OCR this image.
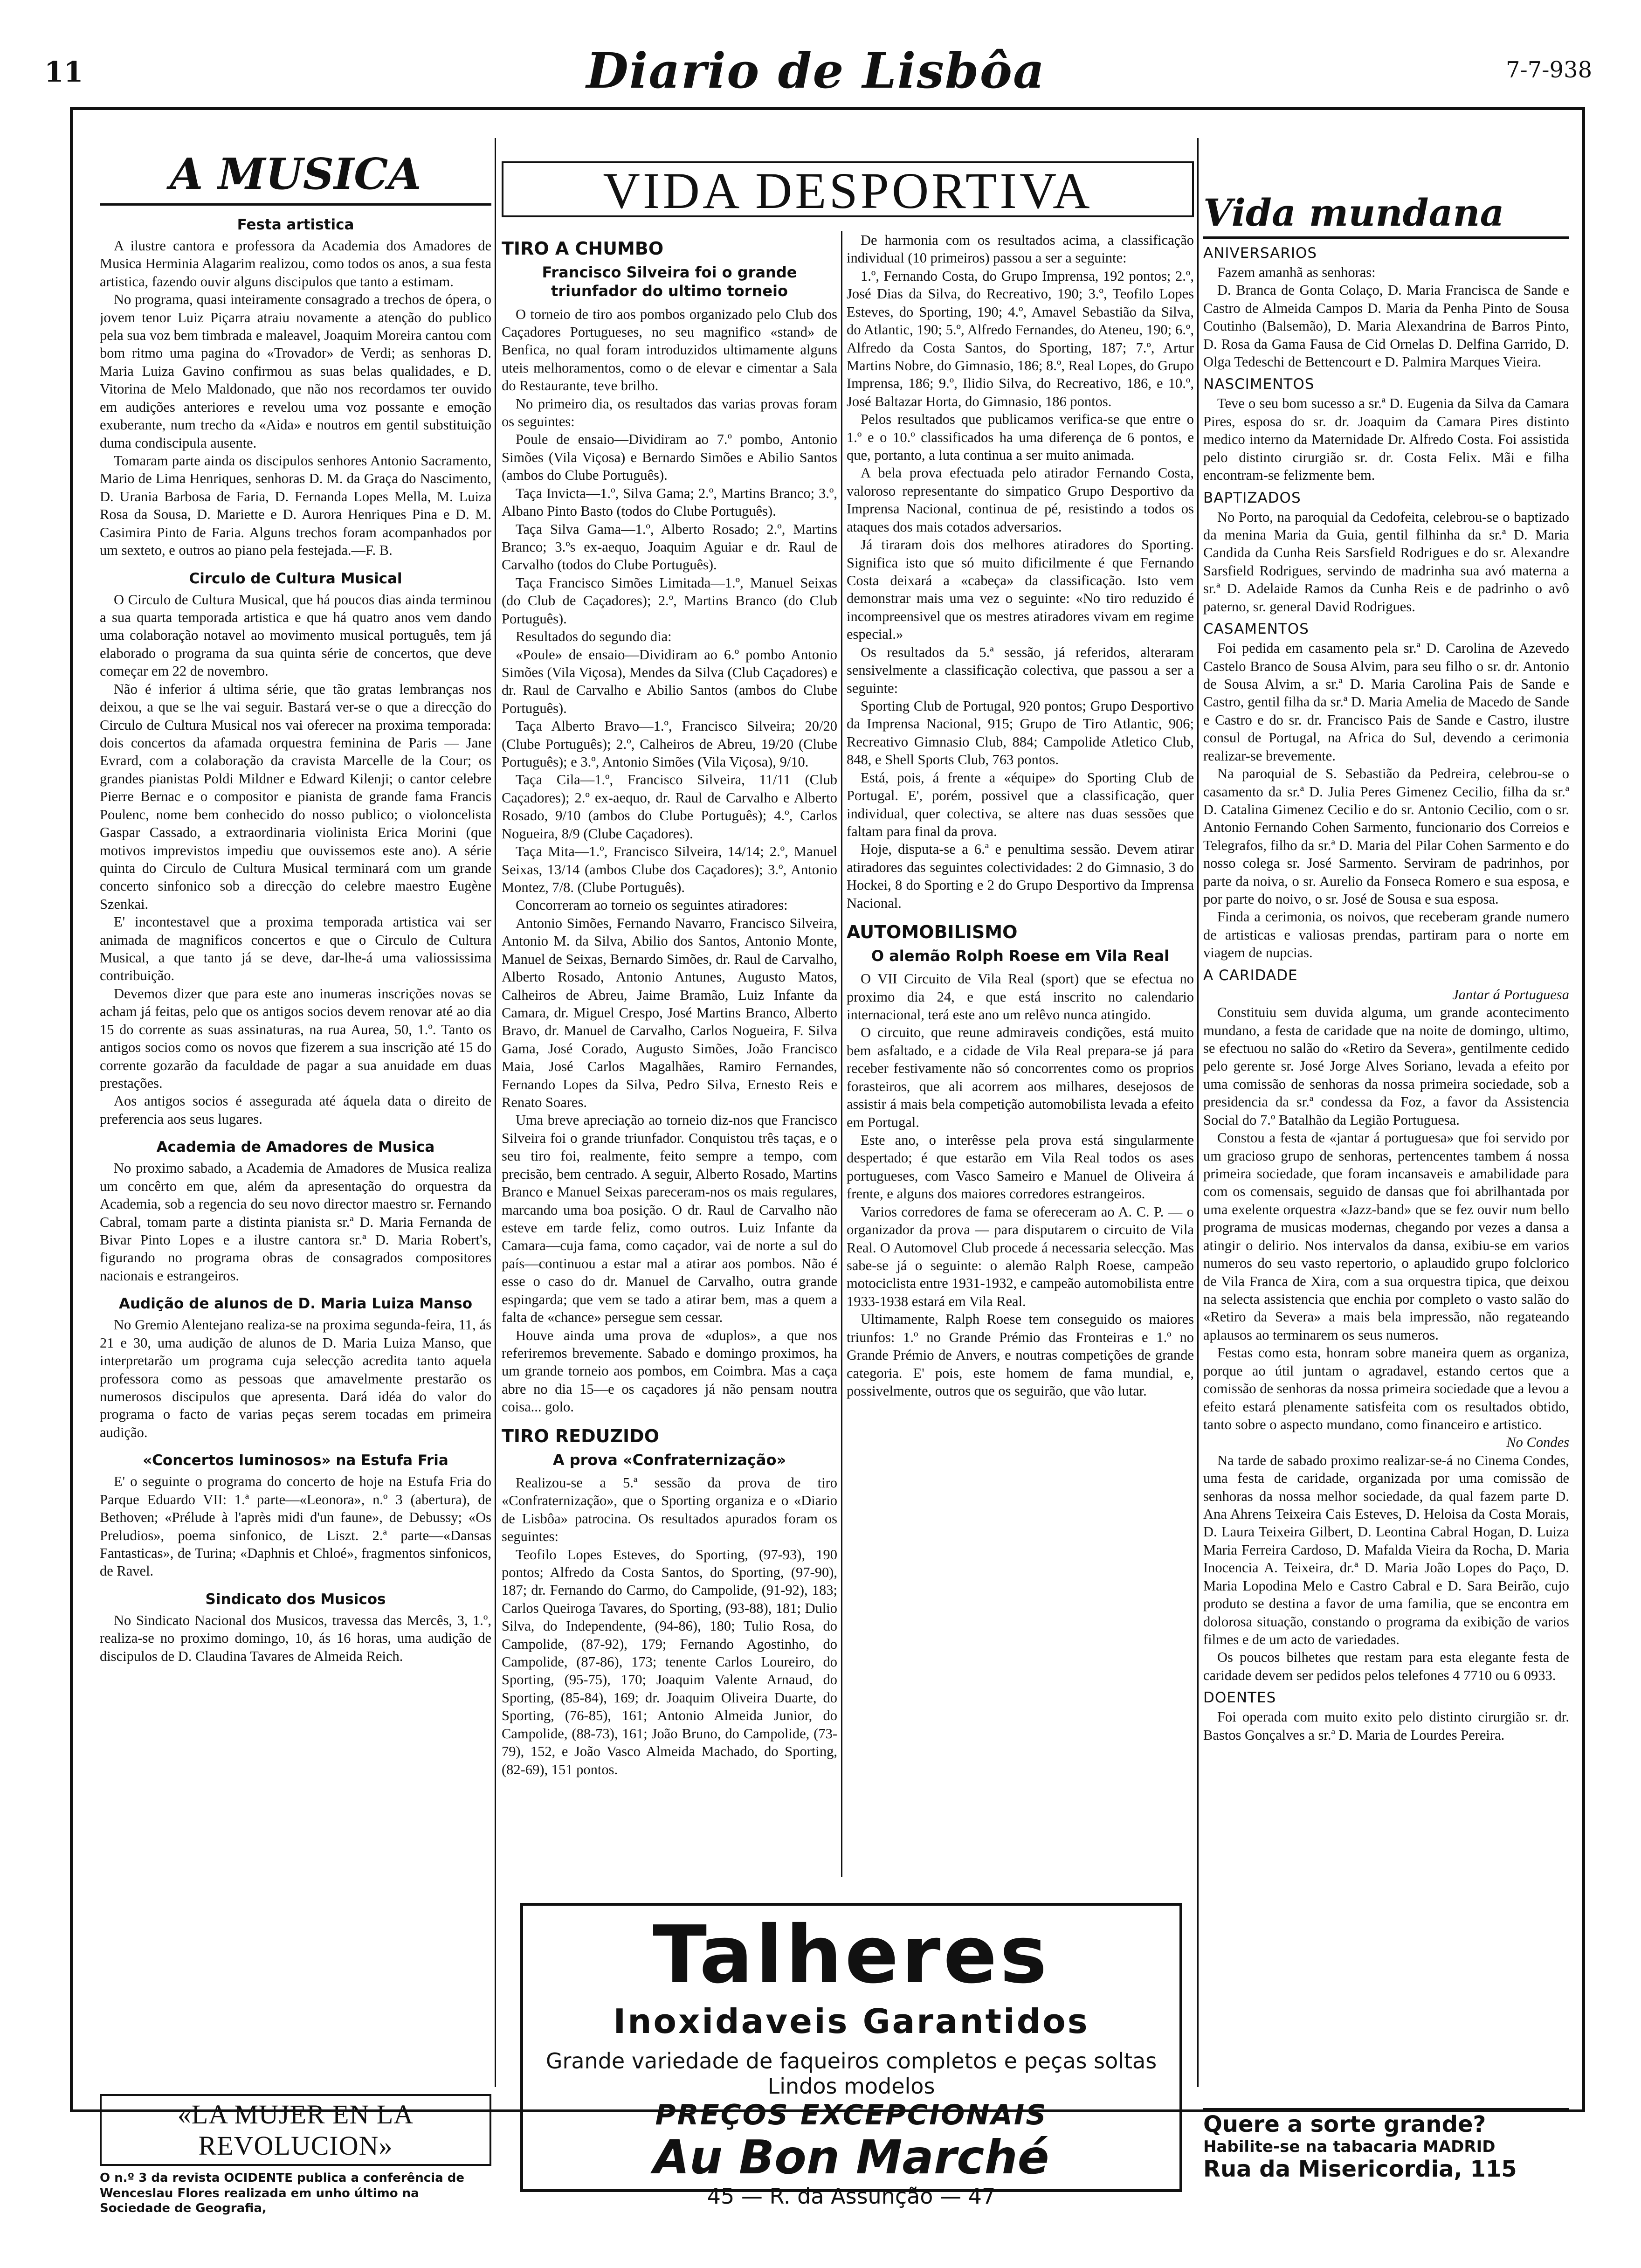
11	Diario de Lisbôa	7-7-938
A MUSICA
Festa artistica

A ilustre cantora e professora da Academia dos Amadores de Musica Herminia Alagarim realizou, como todos os anos, a sua festa artistica, fazendo ouvir alguns discipulos que tanto a estimam.

No programa, quasi inteiramente consagrado a trechos de ópera, o jovem tenor Luiz Piçarra atraiu novamente a atenção do publico pela sua voz bem timbrada e maleavel, Joaquim Moreira cantou com bom ritmo uma pagina do «Trovador» de Verdi; as senhoras D. Maria Luiza Gavino confirmou as suas belas qualidades, e D. Vitorina de Melo Maldonado, que não nos recordamos ter ouvido em audições anteriores e revelou uma voz possante e emoção exuberante, num trecho da «Aida» e noutros em gentil substituição duma condiscipula ausente.

Tomaram parte ainda os discipulos senhores Antonio Sacramento, Mario de Lima Henriques, senhoras D. M. da Graça do Nascimento, D. Urania Barbosa de Faria, D. Fernanda Lopes Mella, M. Luiza Rosa da Sousa, D. Mariette e D. Aurora Henriques Pina e D. M. Casimira Pinto de Faria. Alguns trechos foram acompanhados por um sexteto, e outros ao piano pela festejada.—F. B.

Circulo de Cultura Musical

O Circulo de Cultura Musical, que há poucos dias ainda terminou a sua quarta temporada artistica e que há quatro anos vem dando uma colaboração notavel ao movimento musical português, tem já elaborado o programa da sua quinta série de concertos, que deve começar em 22 de novembro.

Não é inferior á ultima série, que tão gratas lembranças nos deixou, a que se lhe vai seguir. Bastará ver-se o que a direcção do Circulo de Cultura Musical nos vai oferecer na proxima temporada: dois concertos da afamada orquestra feminina de Paris — Jane Evrard, com a colaboração da cravista Marcelle de la Cour; os grandes pianistas Poldi Mildner e Edward Kilenji; o cantor celebre Pierre Bernac e o compositor e pianista de grande fama Francis Poulenc, nome bem conhecido do nosso publico; o violoncelista Gaspar Cassado, a extraordinaria violinista Erica Morini (que motivos imprevistos impediu que ouvissemos este ano). A série quinta do Circulo de Cultura Musical terminará com um grande concerto sinfonico sob a direcção do celebre maestro Eugène Szenkai.

E' incontestavel que a proxima temporada artistica vai ser animada de magnificos concertos e que o Circulo de Cultura Musical, a que tanto já se deve, dar-lhe-á uma valiossissima contribuição.

Devemos dizer que para este ano inumeras inscrições novas se acham já feitas, pelo que os antigos socios devem renovar até ao dia 15 do corrente as suas assinaturas, na rua Aurea, 50, 1.º. Tanto os antigos socios como os novos que fizerem a sua inscrição até 15 do corrente gozarão da faculdade de pagar a sua anuidade em duas prestações.

Aos antigos socios é assegurada até áquela data o direito de preferencia aos seus lugares.

Academia de Amadores de Musica

No proximo sabado, a Academia de Amadores de Musica realiza um concêrto em que, além da apresentação do orquestra da Academia, sob a regencia do seu novo director maestro sr. Fernando Cabral, tomam parte a distinta pianista sr.ª D. Maria Fernanda de Bivar Pinto Lopes e a ilustre cantora sr.ª D. Maria Robert's, figurando no programa obras de consagrados compositores nacionais e estrangeiros.

Audição de alunos de D. Maria Luiza Manso

No Gremio Alentejano realiza-se na proxima segunda-feira, 11, ás 21 e 30, uma audição de alunos de D. Maria Luiza Manso, que interpretarão um programa cuja selecção acredita tanto aquela professora como as pessoas que amavelmente prestarão os numerosos discipulos que apresenta. Dará idéa do valor do programa o facto de varias peças serem tocadas em primeira audição.

«Concertos luminosos» na Estufa Fria

E' o seguinte o programa do concerto de hoje na Estufa Fria do Parque Eduardo VII: 1.ª parte—«Leonora», n.º 3 (abertura), de Bethoven; «Prélude à l'après midi d'un faune», de Debussy; «Os Preludios», poema sinfonico, de Liszt. 2.ª parte—«Dansas Fantasticas», de Turina; «Daphnis et Chloé», fragmentos sinfonicos, de Ravel.

Sindicato dos Musicos

No Sindicato Nacional dos Musicos, travessa das Mercês, 3, 1.º, realiza-se no proximo domingo, 10, ás 16 horas, uma audição de discipulos de D. Claudina Tavares de Almeida Reich.

«LA MUJER EN LA REVOLUCION»
O n.º 3 da revista OCIDENTE publica a conferência de Wenceslau Flores realizada em unho último na Sociedade de Geografia,
VIDA DESPORTIVA
TIRO A CHUMBO
Francisco Silveira foi o grande triunfador do ultimo torneio

O torneio de tiro aos pombos organizado pelo Club dos Caçadores Portugueses, no seu magnifico «stand» de Benfica, no qual foram introduzidos ultimamente alguns uteis melhoramentos, como o de elevar e cimentar a Sala do Restaurante, teve brilho.

No primeiro dia, os resultados das varias provas foram os seguintes:

Poule de ensaio—Dividiram ao 7.º pombo, Antonio Simões (Vila Viçosa) e Bernardo Simões e Abilio Santos (ambos do Clube Português).

Taça Invicta—1.º, Silva Gama; 2.º, Martins Branco; 3.º, Albano Pinto Basto (todos do Clube Português).

Taça Silva Gama—1.º, Alberto Rosado; 2.º, Martins Branco; 3.ºs ex-aequo, Joaquim Aguiar e dr. Raul de Carvalho (todos do Clube Português).

Taça Francisco Simões Limitada—1.º, Manuel Seixas (do Club de Caçadores); 2.º, Martins Branco (do Club Português).

Resultados do segundo dia:

«Poule» de ensaio—Dividiram ao 6.º pombo Antonio Simões (Vila Viçosa), Mendes da Silva (Club Caçadores) e dr. Raul de Carvalho e Abilio Santos (ambos do Clube Português).

Taça Alberto Bravo—1.º, Francisco Silveira; 20/20 (Clube Português); 2.º, Calheiros de Abreu, 19/20 (Clube Português); e 3.º, Antonio Simões (Vila Viçosa), 9/10.

Taça Cila—1.º, Francisco Silveira, 11/11 (Club Caçadores); 2.º ex-aequo, dr. Raul de Carvalho e Alberto Rosado, 9/10 (ambos do Clube Português); 4.º, Carlos Nogueira, 8/9 (Clube Caçadores).

Taça Mita—1.º, Francisco Silveira, 14/14; 2.º, Manuel Seixas, 13/14 (ambos Clube dos Caçadores); 3.º, Antonio Montez, 7/8. (Clube Português).

Concorreram ao torneio os seguintes atiradores:

Antonio Simões, Fernando Navarro, Francisco Silveira, Antonio M. da Silva, Abilio dos Santos, Antonio Monte, Manuel de Seixas, Bernardo Simões, dr. Raul de Carvalho, Alberto Rosado, Antonio Antunes, Augusto Matos, Calheiros de Abreu, Jaime Bramão, Luiz Infante da Camara, dr. Miguel Crespo, José Martins Branco, Alberto Bravo, dr. Manuel de Carvalho, Carlos Nogueira, F. Silva Gama, José Corado, Augusto Simões, João Francisco Maia, José Carlos Magalhães, Ramiro Fernandes, Fernando Lopes da Silva, Pedro Silva, Ernesto Reis e Renato Soares.

Uma breve apreciação ao torneio diz-nos que Francisco Silveira foi o grande triunfador. Conquistou três taças, e o seu tiro foi, realmente, feito sempre a tempo, com precisão, bem centrado. A seguir, Alberto Rosado, Martins Branco e Manuel Seixas pareceram-nos os mais regulares, marcando uma boa posição. O dr. Raul de Carvalho não esteve em tarde feliz, como outros. Luiz Infante da Camara—cuja fama, como caçador, vai de norte a sul do país—continuou a estar mal a atirar aos pombos. Não é esse o caso do dr. Manuel de Carvalho, outra grande espingarda; que vem se tado a atirar bem, mas a quem a falta de «chance» perseguе sem cessar.

Houve ainda uma prova de «duplos», a que nos referiremos brevemente. Sabado e domingo proximos, ha um grande torneio aos pombos, em Coimbra. Mas a caça abre no dia 15—e os caçadores já não pensam noutra coisa... golo.

TIRO REDUZIDO
A prova «Confraternização»

Realizou-se a 5.ª sessão da prova de tiro «Confraternização», que o Sporting organiza e o «Diario de Lisbôa» patrocina. Os resultados apurados foram os seguintes:

Teofilo Lopes Esteves, do Sporting, (97-93), 190 pontos; Alfredo da Costa Santos, do Sporting, (97-90), 187; dr. Fernando do Carmo, do Campolide, (91-92), 183; Carlos Queiroga Tavares, do Sporting, (93-88), 181; Dulio Silva, do Independente, (94-86), 180; Tulio Rosa, do Campolide, (87-92), 179; Fernando Agostinho, do Campolide, (87-86), 173; tenente Carlos Loureiro, do Sporting, (95-75), 170; Joaquim Valente Arnaud, do Sporting, (85-84), 169; dr. Joaquim Oliveira Duarte, do Sporting, (76-85), 161; Antonio Almeida Junior, do Campolide, (88-73), 161; João Bruno, do Campolide, (73-79), 152, e João Vasco Almeida Machado, do Sporting, (82-69), 151 pontos.

De harmonia com os resultados acima, a classificação individual (10 primeiros) passou a ser a seguinte:

1.º, Fernando Costa, do Grupo Imprensa, 192 pontos; 2.º, José Dias da Silva, do Recreativo, 190; 3.º, Teofilo Lopes Esteves, do Sporting, 190; 4.º, Amavel Sebastião da Silva, do Atlantic, 190; 5.º, Alfredo Fernandes, do Ateneu, 190; 6.º, Alfredo da Costa Santos, do Sporting, 187; 7.º, Artur Martins Nobre, do Gimnasio, 186; 8.º, Real Lopes, do Grupo Imprensa, 186; 9.º, Ilidio Silva, do Recreativo, 186, e 10.º, José Baltazar Horta, do Gimnasio, 186 pontos.

Pelos resultados que publicamos verifica-se que entre o 1.º e o 10.º classificados ha uma diferença de 6 pontos, e que, portanto, a luta continua a ser muito animada.

A bela prova efectuada pelo atirador Fernando Costa, valoroso representante do simpatico Grupo Desportivo da Imprensa Nacional, continua de pé, resistindo a todos os ataques dos mais cotados adversarios.

Já tiraram dois dos melhores atiradores do Sporting. Significa isto que só muito dificilmente é que Fernando Costa deixará a «cabeça» da classificação. Isto vem demonstrar mais uma vez o seguinte: «No tiro reduzido é incompreensivel que os mestres atiradores vivam em regime especial.»

Os resultados da 5.ª sessão, já referidos, alteraram sensivelmente a classificação colectiva, que passou a ser a seguinte:

Sporting Club de Portugal, 920 pontos; Grupo Desportivo da Imprensa Nacional, 915; Grupo de Tiro Atlantic, 906; Recreativo Gimnasio Club, 884; Campolide Atletico Club, 848, e Shell Sports Club, 763 pontos.

Está, pois, á frente a «équipe» do Sporting Club de Portugal. E', porém, possivel que a classificação, quer individual, quer colectiva, se altere nas duas sessões que faltam para final da prova.

Hoje, disputa-se a 6.ª e penultima sessão. Devem atirar atiradores das seguintes colectividades: 2 do Gimnasio, 3 do Hockei, 8 do Sporting e 2 do Grupo Desportivo da Imprensa Nacional.

AUTOMOBILISMO
O alemão Rolph Roese em Vila Real

O VII Circuito de Vila Real (sport) que se efectua no proximo dia 24, e que está inscrito no calendario internacional, terá este ano um relêvo nunca atingido.

O circuito, que reune admiraveis condições, está muito bem asfaltado, e a cidade de Vila Real prepara-se já para receber festivamente não só concorrentes como os proprios forasteiros, que ali acorrem aos milhares, desejosos de assistir á mais bela competição automobilista levada a efeito em Portugal.

Este ano, o interêsse pela prova está singularmente despertado; é que estarão em Vila Real todos os ases portugueses, com Vasco Sameiro e Manuel de Oliveira á frente, e alguns dos maiores corredores estrangeiros.

Varios corredores de fama se ofereceram ao A. C. P. — o organizador da prova — para disputarem o circuito de Vila Real. O Automovel Club procede á necessaria selecção. Mas sabe-se já o seguinte: o alemão Ralph Roese, campeão motociclista entre 1931-1932, e campeão automobilista entre 1933-1938 estará em Vila Real.

Ultimamente, Ralph Roese tem conseguido os maiores triunfos: 1.º no Grande Prémio das Fronteiras e 1.º no Grande Prémio de Anvers, e noutras competições de grande categoria. E' pois, este homem de fama mundial, e, possivelmente, outros que os seguirão, que vão lutar.

Talheres
Inoxidaveis Garantidos
Grande variedade de faqueiros completos e peças soltas
Lindos modelos
PREÇOS EXCEPCIONAIS
Au Bon Marché
45 — R. da Assunção — 47
Vida mundana
ANIVERSARIOS

Fazem amanhã as senhoras:

D. Branca de Gonta Colaço, D. Maria Francisca de Sande e Castro de Almeida Campos D. Maria da Penha Pinto de Sousa Coutinho (Balsemão), D. Maria Alexandrina de Barros Pinto, D. Rosa da Gama Fausa de Cid Ornelas D. Delfina Garrido, D. Olga Tedeschi de Bettencourt e D. Palmira Marques Vieira.

NASCIMENTOS

Teve o seu bom sucesso a sr.ª D. Eugenia da Silva da Camara Pires, esposa do sr. dr. Joaquim da Camara Pires distinto medico interno da Maternidade Dr. Alfredo Costa. Foi assistida pelo distinto cirurgião sr. dr. Costa Felix. Mãi e filha encontram-se felizmente bem.

BAPTIZADOS

No Porto, na paroquial da Cedofeita, celebrou-se o baptizado da menina Maria da Guia, gentil filhinha da sr.ª D. Maria Candida da Cunha Reis Sarsfield Rodrigues e do sr. Alexandre Sarsfield Rodrigues, servindo de madrinha sua avó materna a sr.ª D. Adelaide Ramos da Cunha Reis e de padrinho o avô paterno, sr. general David Rodrigues.

CASAMENTOS

Foi pedida em casamento pela sr.ª D. Carolina de Azevedo Castelo Branco de Sousa Alvim, para seu filho o sr. dr. Antonio de Sousa Alvim, a sr.ª D. Maria Carolina Pais de Sande e Castro, gentil filha da sr.ª D. Maria Amelia de Macedo de Sande e Castro e do sr. dr. Francisco Pais de Sande e Castro, ilustre consul de Portugal, na Africa do Sul, devendo a cerimonia realizar-se brevemente.

Na paroquial de S. Sebastião da Pedreira, celebrou-se o casamento da sr.ª D. Julia Peres Gimenez Cecilio, filha da sr.ª D. Catalina Gimenez Cecilio e do sr. Antonio Cecilio, com o sr. Antonio Fernando Cohen Sarmento, funcionario dos Correios e Telegrafos, filho da sr.ª D. Maria del Pilar Cohen Sarmento e do nosso colega sr. José Sarmento. Serviram de padrinhos, por parte da noiva, o sr. Aurelio da Fonseca Romero e sua esposa, e por parte do noivo, o sr. José de Sousa e sua esposa.

Finda a cerimonia, os noivos, que receberam grande numero de artisticas e valiosas prendas, partiram para o norte em viagem de nupcias.

A CARIDADE
Jantar á Portuguesa

Constituiu sem duvida alguma, um grande acontecimento mundano, a festa de caridade que na noite de domingo, ultimo, se efectuou no salão do «Retiro da Severa», gentilmente cedido pelo gerente sr. José Jorge Alves Soriano, levada a efeito por uma comissão de senhoras da nossa primeira sociedade, sob a presidencia da sr.ª condessa da Foz, a favor da Assistencia Social do 7.º Batalhão da Legião Portuguesa.

Constou a festa de «jantar á portuguesa» que foi servido por um gracioso grupo de senhoras, pertencentes tambem á nossa primeira sociedade, que foram incansaveis e amabilidade para com os comensais, seguido de dansas que foi abrilhantada por uma exelente orquestra «Jazz-band» que se fez ouvir num bello programa de musicas modernas, chegando por vezes a dansa a atingir o delirio. Nos intervalos da dansa, exibiu-se em varios numeros do seu vasto repertorio, o aplaudido grupo folclorico de Vila Franca de Xira, com a sua orquestra tipica, que deixou na selecta assistencia que enchia por completo o vasto salão do «Retiro da Severa» a mais bela impressão, não regateando aplausos ao terminarem os seus numeros.

Festas como esta, honram sobre maneira quem as organiza, porque ao útil juntam o agradavel, estando certos que a comissão de senhoras da nossa primeira sociedade que a levou a efeito estará plenamente satisfeita com os resultados obtido, tanto sobre o aspecto mundano, como financeiro e artistico.

No Condes

Na tarde de sabado proximo realizar-se-á no Cinema Condes, uma festa de caridade, organizada por uma comissão de senhoras da nossa melhor sociedade, da qual fazem parte D. Ana Ahrens Teixeira Cais Esteves, D. Heloisa da Costa Morais, D. Laura Teixeira Gilbert, D. Leontina Cabral Hogan, D. Luiza Maria Ferreira Cardoso, D. Mafalda Vieira da Rocha, D. Maria Inocencia A. Teixeira, dr.ª D. Maria João Lopes do Paço, D. Maria Lopodina Melo e Castro Cabral e D. Sara Beirão, cujo produto se destina a favor de uma familia, que se encontra em dolorosa situação, constando o programa da exibição de varios filmes e de um acto de variedades.

Os poucos bilhetes que restam para esta elegante festa de caridade devem ser pedidos pelos telefones 4 7710 ou 6 0933.

DOENTES

Foi operada com muito exito pelo distinto cirurgião sr. dr. Bastos Gonçalves a sr.ª D. Maria de Lourdes Pereira.

Quere a sorte grande?
Habilite-se na tabacaria MADRID
Rua da Misericordia, 115
